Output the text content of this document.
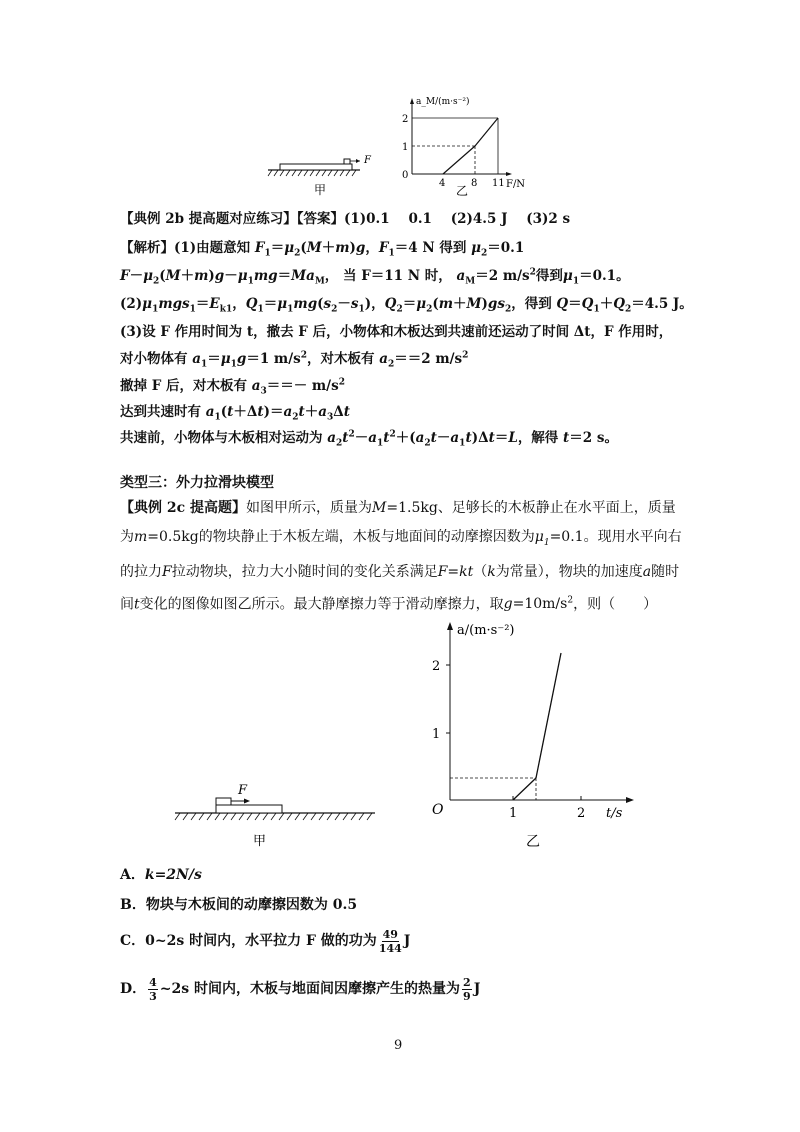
F
甲
a_M/(m·s⁻²)
F/N
0
1
2
4	8 11
乙
【典例 2b 提高题对应练习】【答案】(1)0.1    0.1    (2)4.5 J    (3)2 s
【解析】(1)由题意知 $F_1=\mu_2(M+m)g$，$F_1=4$ N 得到 $\mu_2=0.1$
$F-\mu_2(M+m)g-\mu_1mg=Ma_M$， 当 F＝11 N 时， $a_M=2$ $m/s^2$得到$\mu_1=0.1$。
$(2)\mu_1mgs_1=E_{k1}$，$Q_1=\mu_1mg(s_2-s_1)$，$Q_2=\mu_2(m+M)gs_2$，得到 $Q=Q_1+Q_2=4.5$ J。
(3)设 F 作用时间为 t，撤去 F 后，小物体和木板达到共速前还运动了时间 Δt，F 作用时，
对小物体有 $a_1=\mu_1g=1$ $m/s^2$，对木板有 $a_2==2$ $m/s^2$
撤掉 F 后，对木板有 $a_3==- m/s^2$
达到共速时有 $a_1(t+\Delta t)=a_2t+a_3\Delta t$
共速前，小物体与木板相对运动为 $a_2t^2-a_1t^2+(a_2t-a_1t)\Delta t=L$，解得 t＝2 s。
类型三：外力拉滑块模型
【典例 2c 提高题】如图甲所示，质量为M=1.5kg、足够长的木板静止在水平面上，质量为m=0.5kg的物块静止于木板左端，木板与地面间的动摩擦因数为$\mu_1=0.1$。现用水平向右的拉力F拉动物块，拉力大小随时间的变化关系满足F=kt（k为常量），物块的加速度a随时间t变化的图像如图乙所示。最大静摩擦力等于滑动摩擦力，取$g=10m/s^2$，则（　　）
F
甲
a/(m·s⁻²)
t/s
O
1
2
1	2
乙
A．k=2N/s
B．物块与木板间的动摩擦因数为 0.5
C．0~2s 时间内，水平拉力 F 做的功为 $\frac{49}{144}$ J
D． $\frac{4}{3}$ ~2s 时间内，木板与地面间因摩擦产生的热量为 $\frac{2}{9}$ J
9
